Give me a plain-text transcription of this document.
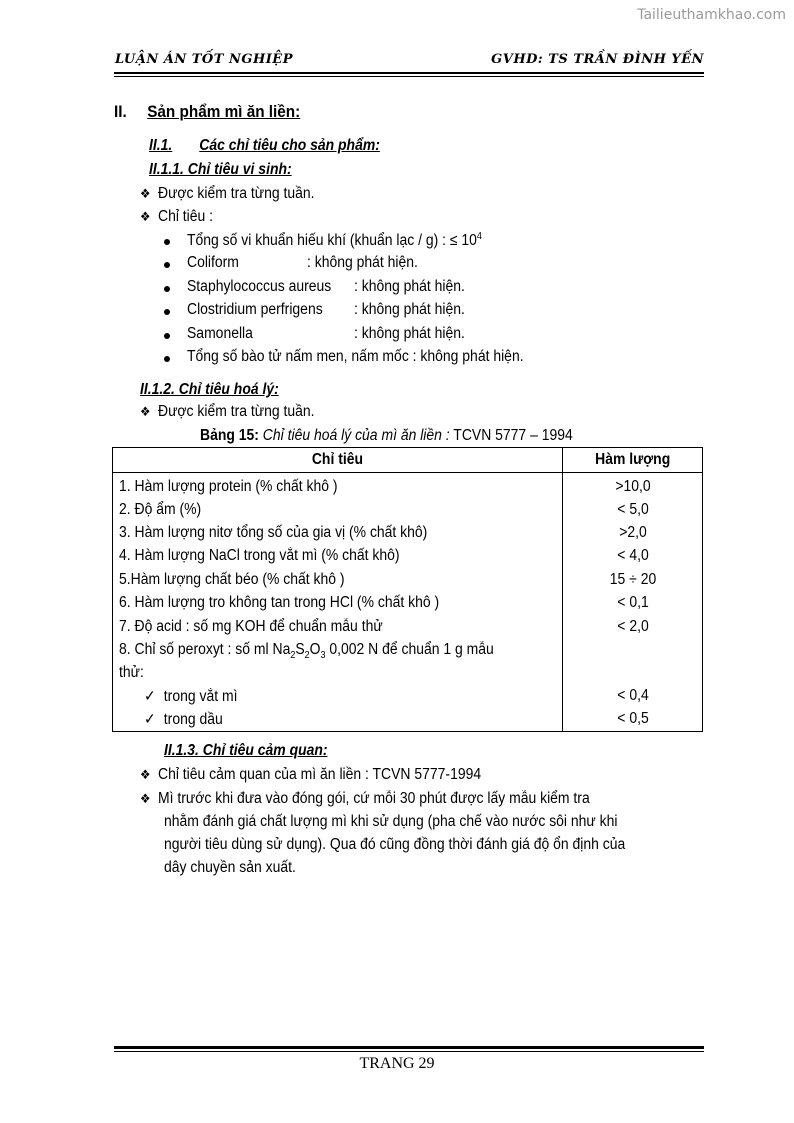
Tailieuthamkhao.com
LUẬN ÁN TỐT NGHIỆP	GVHD: TS TRẦN ĐÌNH YẾN
II. Sản phẩm mì ăn liền:
II.1. Các chỉ tiêu cho sản phẩm:
II.1.1. Chỉ tiêu vi sinh:
❖ Được kiểm tra từng tuần.
❖ Chỉ tiêu :
Tổng số vi khuẩn hiếu khí (khuẩn lạc / g) : ≤ $10^4$
Coliform	: không phát hiện.
Staphylococcus aureus : không phát hiện.
Clostridium perfrigens : không phát hiện.
Samonella	: không phát hiện.
Tổng số bào tử nấm men, nấm mốc : không phát hiện.
II.1.2. Chỉ tiêu hoá lý:
❖ Được kiểm tra từng tuần.
Bảng 15: Chỉ tiêu hoá lý của mì ăn liền : TCVN 5777 – 1994
Chỉ tiêu	Hàm lượng

1. Hàm lượng protein (% chất khô )	>10,0
2. Độ ẩm (%)	< 5,0
3. Hàm lượng nitơ tổng số của gia vị (% chất khô)	>2,0
4. Hàm lượng NaCl trong vắt mì (% chất khô)	< 4,0
5.Hàm lượng chất béo (% chất khô )	15 ÷ 20
6. Hàm lượng tro không tan trong HCl (% chất khô )	< 0,1
7. Độ acid : số mg KOH để chuẩn mẫu thử	< 2,0
8. Chỉ số peroxyt : số ml $Na_2S_2O_3$ 0,002 N để chuẩn 1 g mẫu
thử:
✓ trong vắt mì	< 0,4
✓ trong dầu	< 0,5
II.1.3. Chỉ tiêu cảm quan:
❖ Chỉ tiêu cảm quan của mì ăn liền : TCVN 5777-1994
❖ Mì trước khi đưa vào đóng gói, cứ mỗi 30 phút được lấy mẫu kiểm tra
nhằm đánh giá chất lượng mì khi sử dụng (pha chế vào nước sôi như khi
người tiêu dùng sử dụng). Qua đó cũng đồng thời đánh giá độ ổn định của
dây chuyền sản xuất.
TRANG 29
